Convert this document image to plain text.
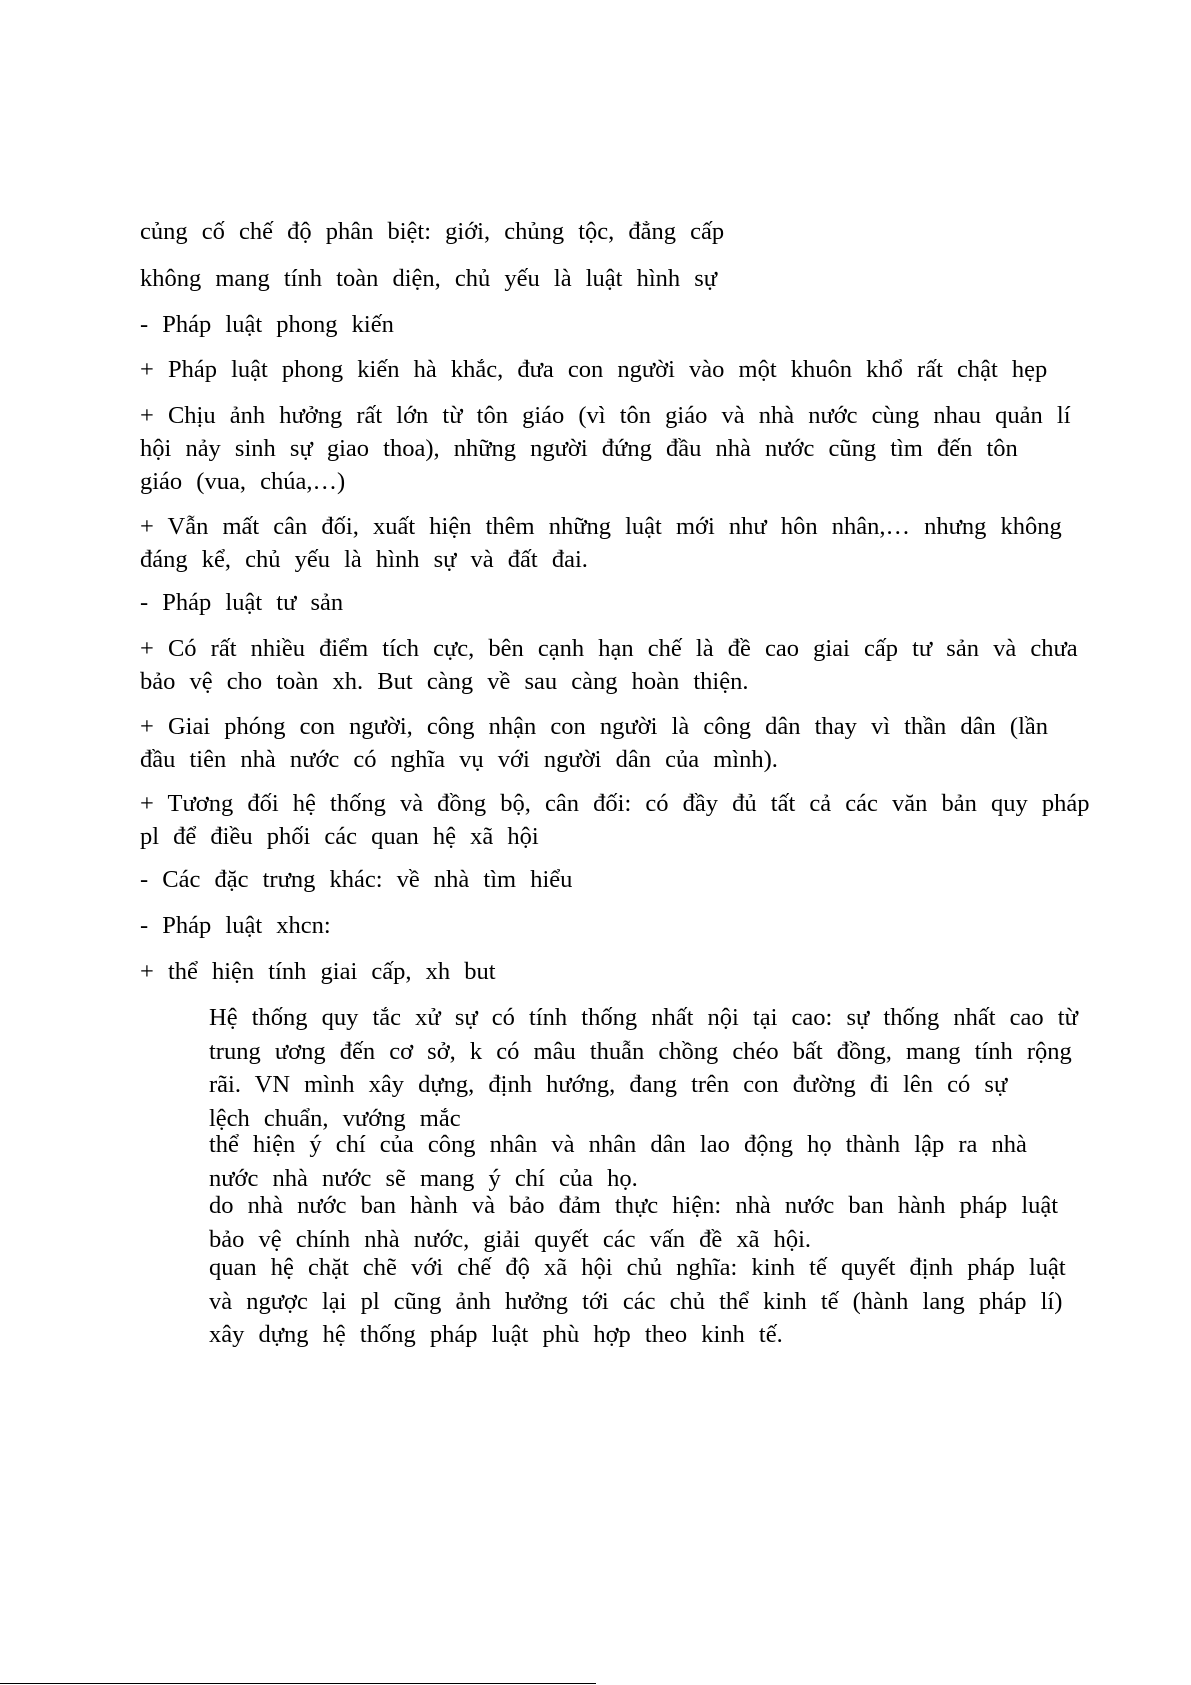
củng cố chế độ phân biệt: giới, chủng tộc, đẳng cấp
không mang tính toàn diện, chủ yếu là luật hình sự
- Pháp luật phong kiến
+ Pháp luật phong kiến hà khắc, đưa con người vào một khuôn khổ rất chật hẹp
+ Chịu ảnh hưởng rất lớn từ tôn giáo (vì tôn giáo và nhà nước cùng nhau quản lí
hội nảy sinh sự giao thoa), những người đứng đầu nhà nước cũng tìm đến tôn
giáo (vua, chúa,…)
+ Vẫn mất cân đối, xuất hiện thêm những luật mới như hôn nhân,… nhưng không
đáng kể, chủ yếu là hình sự và đất đai.
- Pháp luật tư sản
+ Có rất nhiều điểm tích cực, bên cạnh hạn chế là đề cao giai cấp tư sản và chưa
bảo vệ cho toàn xh. But càng về sau càng hoàn thiện.
+ Giai phóng con người, công nhận con người là công dân thay vì thần dân (lần
đầu tiên nhà nước có nghĩa vụ với người dân của mình).
+ Tương đối hệ thống và đồng bộ, cân đối: có đầy đủ tất cả các văn bản quy pháp
pl để điều phối các quan hệ xã hội
- Các đặc trưng khác: về nhà tìm hiểu
- Pháp luật xhcn:
+ thể hiện tính giai cấp, xh but
Hệ thống quy tắc xử sự có tính thống nhất nội tại cao: sự thống nhất cao từ
trung ương đến cơ sở, k có mâu thuẫn chồng chéo bất đồng, mang tính rộng
rãi. VN mình xây dựng, định hướng, đang trên con đường đi lên có sự
lệch chuẩn, vướng mắc
thể hiện ý chí của công nhân và nhân dân lao động họ thành lập ra nhà
nước nhà nước sẽ mang ý chí của họ.
do nhà nước ban hành và bảo đảm thực hiện: nhà nước ban hành pháp luật

bảo vệ chính nhà nước, giải quyết các vấn đề xã hội.
quan hệ chặt chẽ với chế độ xã hội chủ nghĩa: kinh tế quyết định pháp luật
và ngược lại pl cũng ảnh hưởng tới các chủ thể kinh tế (hành lang pháp lí)

xây dựng hệ thống pháp luật phù hợp theo kinh tế.
